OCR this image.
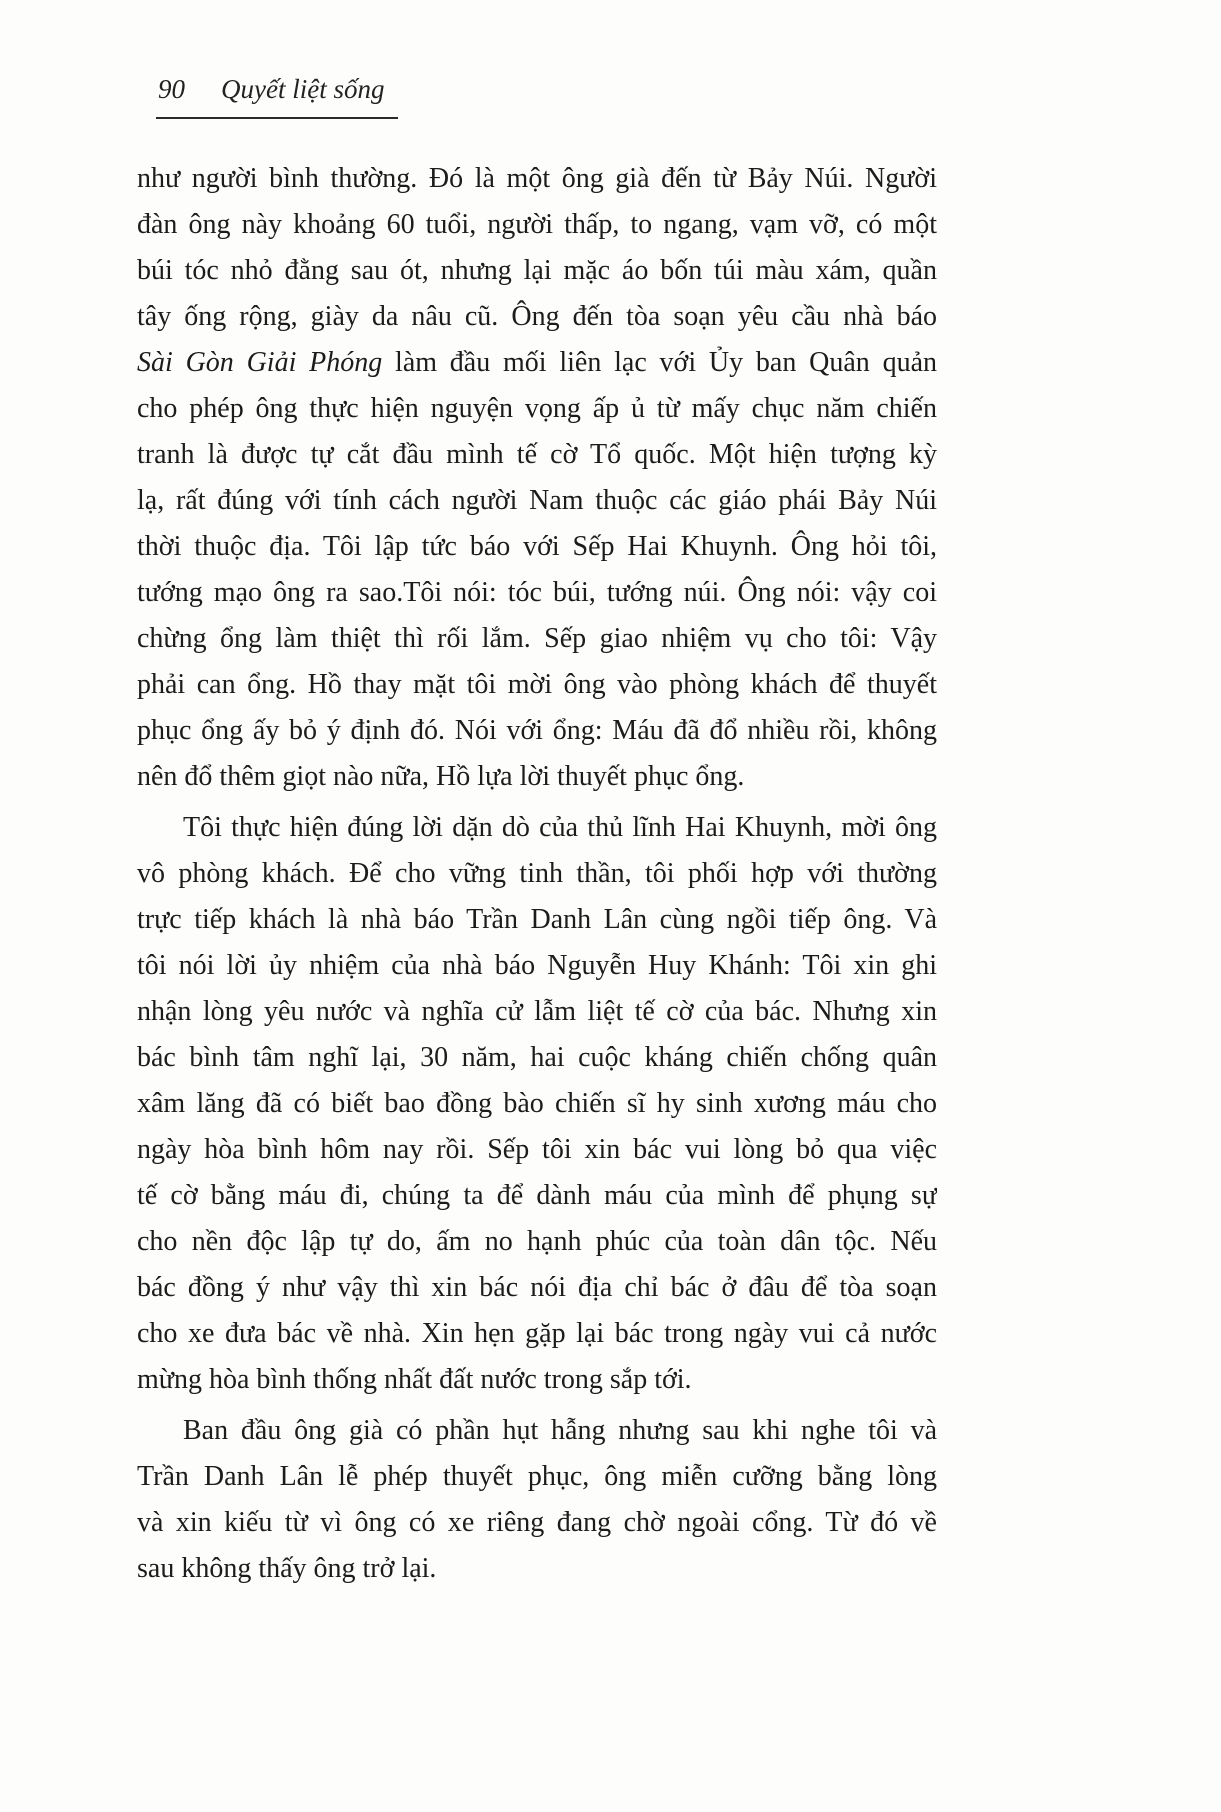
90 Quyết liệt sống
như người bình thường. Đó là một ông già đến từ Bảy Núi. Người
đàn ông này khoảng 60 tuổi, người thấp, to ngang, vạm vỡ, có một
búi tóc nhỏ đằng sau ót, nhưng lại mặc áo bốn túi màu xám, quần
tây ống rộng, giày da nâu cũ. Ông đến tòa soạn yêu cầu nhà báo
Sài Gòn Giải Phóng làm đầu mối liên lạc với Ủy ban Quân quản
cho phép ông thực hiện nguyện vọng ấp ủ từ mấy chục năm chiến
tranh là được tự cắt đầu mình tế cờ Tổ quốc. Một hiện tượng kỳ
lạ, rất đúng với tính cách người Nam thuộc các giáo phái Bảy Núi
thời thuộc địa. Tôi lập tức báo với Sếp Hai Khuynh. Ông hỏi tôi,
tướng mạo ông ra sao.Tôi nói: tóc búi, tướng núi. Ông nói: vậy coi
chừng ổng làm thiệt thì rối lắm. Sếp giao nhiệm vụ cho tôi: Vậy
phải can ổng. Hồ thay mặt tôi mời ông vào phòng khách để thuyết
phục ổng ấy bỏ ý định đó. Nói với ổng: Máu đã đổ nhiều rồi, không
nên đổ thêm giọt nào nữa, Hồ lựa lời thuyết phục ổng.
Tôi thực hiện đúng lời dặn dò của thủ lĩnh Hai Khuynh, mời ông
vô phòng khách. Để cho vững tinh thần, tôi phối hợp với thường
trực tiếp khách là nhà báo Trần Danh Lân cùng ngồi tiếp ông. Và
tôi nói lời ủy nhiệm của nhà báo Nguyễn Huy Khánh: Tôi xin ghi
nhận lòng yêu nước và nghĩa cử lẫm liệt tế cờ của bác. Nhưng xin
bác bình tâm nghĩ lại, 30 năm, hai cuộc kháng chiến chống quân
xâm lăng đã có biết bao đồng bào chiến sĩ hy sinh xương máu cho
ngày hòa bình hôm nay rồi. Sếp tôi xin bác vui lòng bỏ qua việc
tế cờ bằng máu đi, chúng ta để dành máu của mình để phụng sự
cho nền độc lập tự do, ấm no hạnh phúc của toàn dân tộc. Nếu
bác đồng ý như vậy thì xin bác nói địa chỉ bác ở đâu để tòa soạn
cho xe đưa bác về nhà. Xin hẹn gặp lại bác trong ngày vui cả nước
mừng hòa bình thống nhất đất nước trong sắp tới.
Ban đầu ông già có phần hụt hẫng nhưng sau khi nghe tôi và
Trần Danh Lân lễ phép thuyết phục, ông miễn cưỡng bằng lòng
và xin kiếu từ vì ông có xe riêng đang chờ ngoài cổng. Từ đó về
sau không thấy ông trở lại.
